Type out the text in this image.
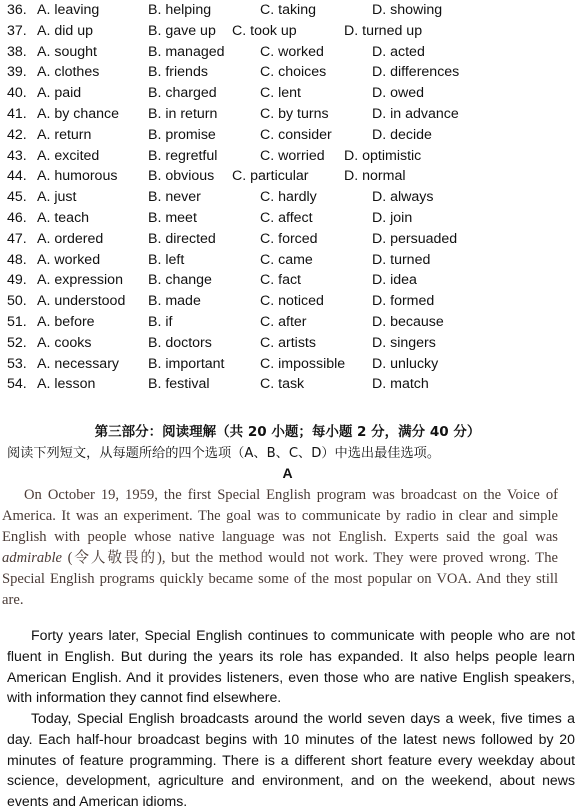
36. A. leaving	B. helping	C. taking	D. showing
37. A. did up	B. gave up C. took up	D. turned up
38. A. sought	B. managed C. worked	D. acted
39. A. clothes	B. friends	C. choices	D. differences
40. A. paid	B. charged	C. lent	D. owed
41. A. by chance B. in return	C. by turns	D. in advance
42. A. return	B. promise	C. consider	D. decide
43. A. excited	B. regretful	C. worried D. optimistic
44. A. humorous B. obvious C. particular	D. normal
45. A. just	B. never	C. hardly	D. always
46. A. teach	B. meet	C. affect	D. join
47. A. ordered	B. directed	C. forced	D. persuaded
48. A. worked	B. left	C. came	D. turned
49. A. expression B. change	C. fact	D. idea
50. A. understood B. made	C. noticed	D. formed
51. A. before	B. if	C. after	D. because
52. A. cooks	B. doctors	C. artists	D. singers
53. A. necessary B. important	C. impossible D. unlucky
54. A. lesson	B. festival	C. task	D. match
第三部分：阅读理解（共 20 小题；每小题 2 分，满分 40 分）
阅读下列短文，从每题所给的四个选项（A、B、C、D）中选出最佳选项。
A

On October 19, 1959, the first Special English program was broadcast on the Voice of America. It was an experiment. The goal was to communicate by radio in clear and simple English with people whose native language was not English. Experts said the goal was admirable (令人敬畏的), but the method would not work. They were proved wrong. The Special English programs quickly became some of the most popular on VOA. And they still are.

Forty years later, Special English continues to communicate with people who are not fluent in English. But during the years its role has expanded. It also helps people learn American English. And it provides listeners, even those who are native English speakers, with information they cannot find elsewhere.

Today, Special English broadcasts around the world seven days a week, five times a day. Each half-hour broadcast begins with 10 minutes of the latest news followed by 20 minutes of feature programming. There is a different short feature every weekday about science, development, agriculture and environment, and on the weekend, about news events and American idioms.
